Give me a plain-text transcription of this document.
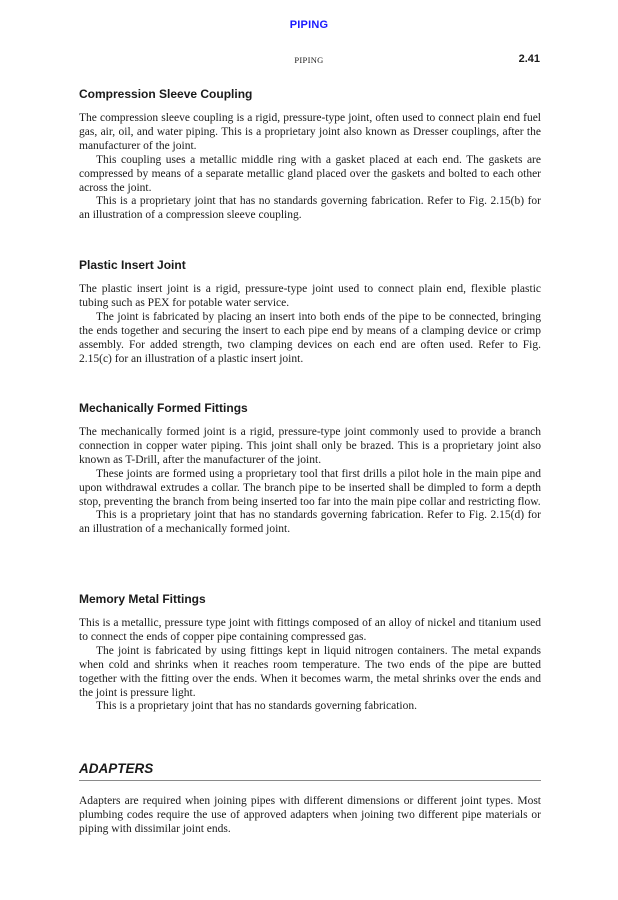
PIPING
PIPING	2.41
Compression Sleeve Coupling

The compression sleeve coupling is a rigid, pressure-type joint, often used to connect plain end fuel gas, air, oil, and water piping. This is a proprietary joint also known as Dresser couplings, after the manufacturer of the joint.

This coupling uses a metallic middle ring with a gasket placed at each end. The gaskets are compressed by means of a separate metallic gland placed over the gaskets and bolted to each other across the joint.

This is a proprietary joint that has no standards governing fabrication. Refer to Fig. 2.15(b) for an illustration of a compression sleeve coupling.

Plastic Insert Joint

The plastic insert joint is a rigid, pressure-type joint used to connect plain end, flexible plastic tubing such as PEX for potable water service.

The joint is fabricated by placing an insert into both ends of the pipe to be connected, bringing the ends together and securing the insert to each pipe end by means of a clamping device or crimp assembly. For added strength, two clamping devices on each end are often used. Refer to Fig. 2.15(c) for an illustration of a plastic insert joint.

Mechanically Formed Fittings

The mechanically formed joint is a rigid, pressure-type joint commonly used to provide a branch connection in copper water piping. This joint shall only be brazed. This is a proprietary joint also known as T-Drill, after the manufacturer of the joint.

These joints are formed using a proprietary tool that first drills a pilot hole in the main pipe and upon withdrawal extrudes a collar. The branch pipe to be inserted shall be dimpled to form a depth stop, preventing the branch from being inserted too far into the main pipe collar and restricting flow.

This is a proprietary joint that has no standards governing fabrication. Refer to Fig. 2.15(d) for an illustration of a mechanically formed joint.

Memory Metal Fittings

This is a metallic, pressure type joint with fittings composed of an alloy of nickel and titanium used to connect the ends of copper pipe containing compressed gas.

The joint is fabricated by using fittings kept in liquid nitrogen containers. The metal expands when cold and shrinks when it reaches room temperature. The two ends of the pipe are butted together with the fitting over the ends. When it becomes warm, the metal shrinks over the ends and the joint is pressure light.

This is a proprietary joint that has no standards governing fabrication.

ADAPTERS

Adapters are required when joining pipes with different dimensions or different joint types. Most plumbing codes require the use of approved adapters when joining two different pipe materials or piping with dissimilar joint ends.
